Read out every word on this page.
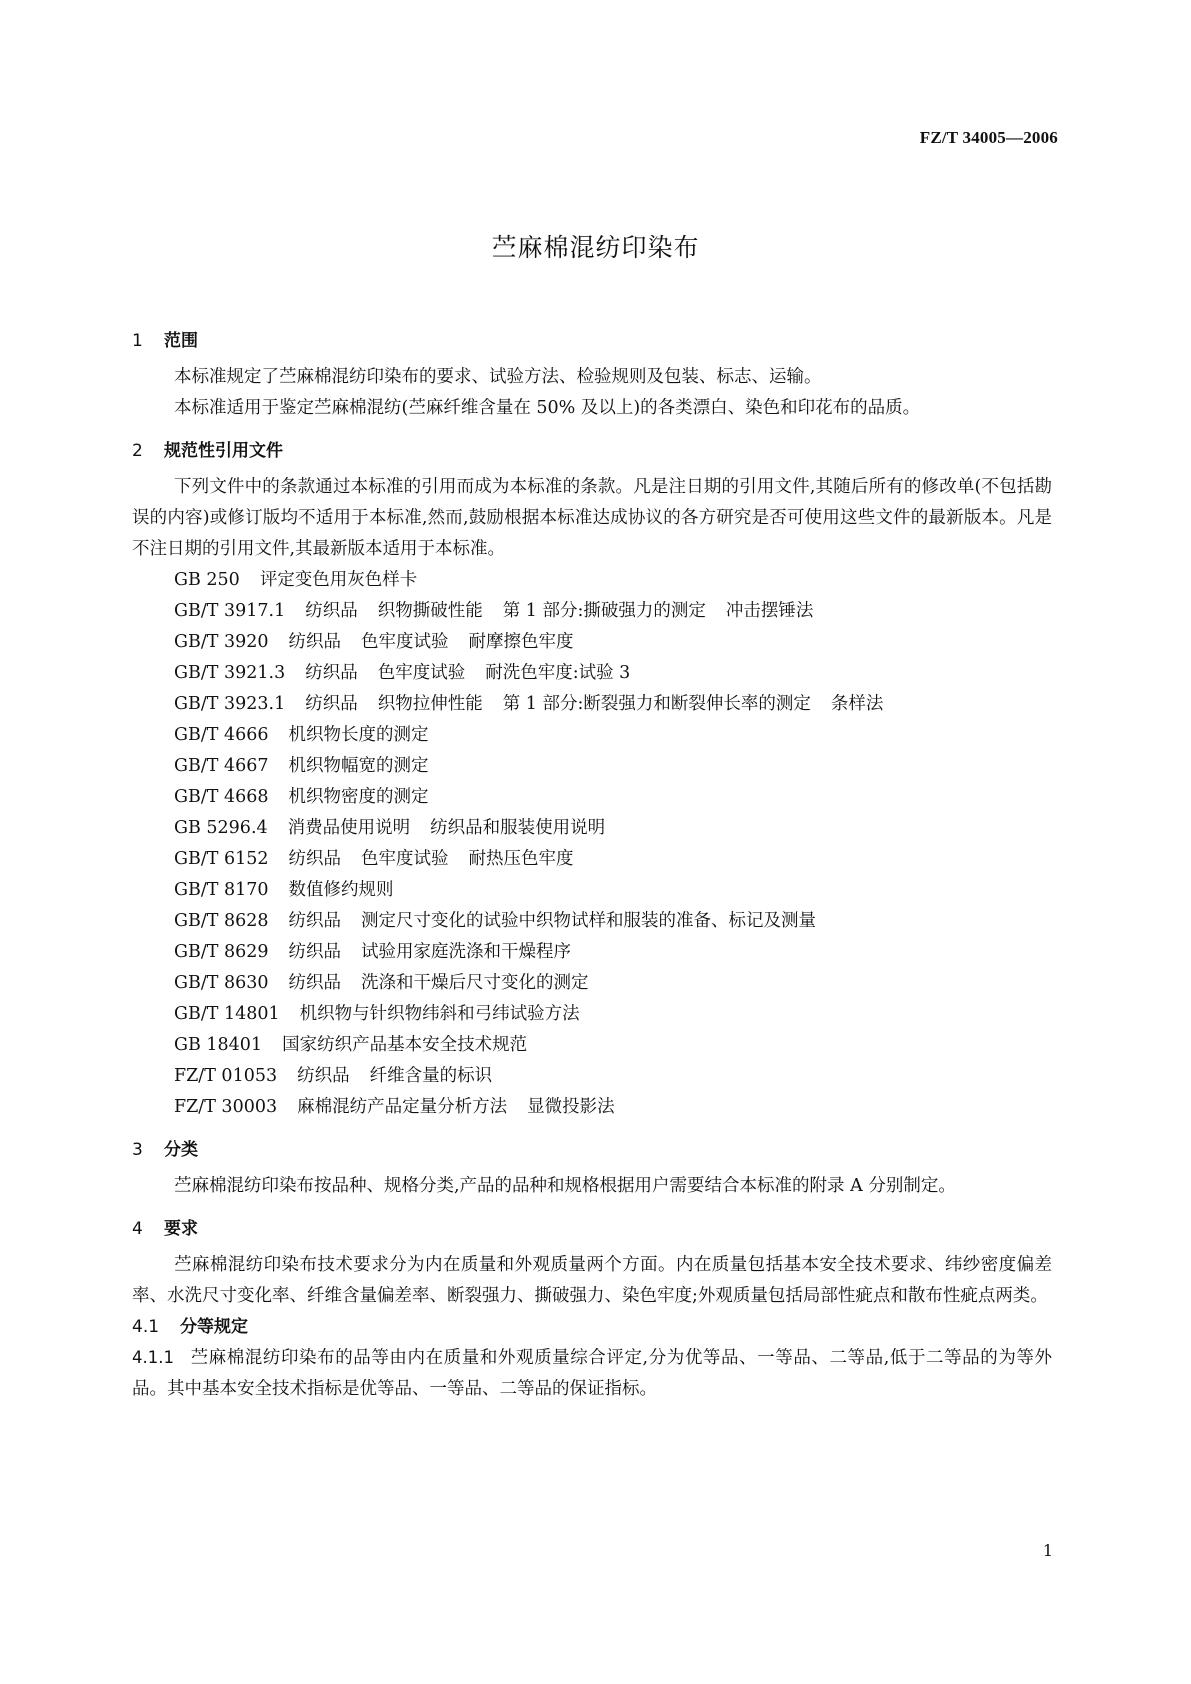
FZ/T 34005—2006
苎麻棉混纺印染布
1 范围

本标准规定了苎麻棉混纺印染布的要求、试验方法、检验规则及包装、标志、运输。

本标准适用于鉴定苎麻棉混纺(苎麻纤维含量在 50% 及以上)的各类漂白、染色和印花布的品质。

2 规范性引用文件

下列文件中的条款通过本标准的引用而成为本标准的条款。凡是注日期的引用文件,其随后所有的修改单(不包括勘误的内容)或修订版均不适用于本标准,然而,鼓励根据本标准达成协议的各方研究是否可使用这些文件的最新版本。凡是不注日期的引用文件,其最新版本适用于本标准。

GB 250 评定变色用灰色样卡
GB/T 3917.1 纺织品 织物撕破性能 第 1 部分:撕破强力的测定 冲击摆锤法
GB/T 3920 纺织品 色牢度试验 耐摩擦色牢度
GB/T 3921.3 纺织品 色牢度试验 耐洗色牢度:试验 3
GB/T 3923.1 纺织品 织物拉伸性能 第 1 部分:断裂强力和断裂伸长率的测定 条样法
GB/T 4666 机织物长度的测定
GB/T 4667 机织物幅宽的测定
GB/T 4668 机织物密度的测定
GB 5296.4 消费品使用说明 纺织品和服装使用说明
GB/T 6152 纺织品 色牢度试验 耐热压色牢度
GB/T 8170 数值修约规则
GB/T 8628 纺织品 测定尺寸变化的试验中织物试样和服装的准备、标记及测量
GB/T 8629 纺织品 试验用家庭洗涤和干燥程序
GB/T 8630 纺织品 洗涤和干燥后尺寸变化的测定
GB/T 14801 机织物与针织物纬斜和弓纬试验方法
GB 18401 国家纺织产品基本安全技术规范
FZ/T 01053 纺织品 纤维含量的标识
FZ/T 30003 麻棉混纺产品定量分析方法 显微投影法
3 分类

苎麻棉混纺印染布按品种、规格分类,产品的品种和规格根据用户需要结合本标准的附录 A 分别制定。

4 要求

苎麻棉混纺印染布技术要求分为内在质量和外观质量两个方面。内在质量包括基本安全技术要求、纬纱密度偏差率、水洗尺寸变化率、纤维含量偏差率、断裂强力、撕破强力、染色牢度;外观质量包括局部性疵点和散布性疵点两类。

4.1 分等规定

4.1.1 苎麻棉混纺印染布的品等由内在质量和外观质量综合评定,分为优等品、一等品、二等品,低于二等品的为等外品。其中基本安全技术指标是优等品、一等品、二等品的保证指标。

1
